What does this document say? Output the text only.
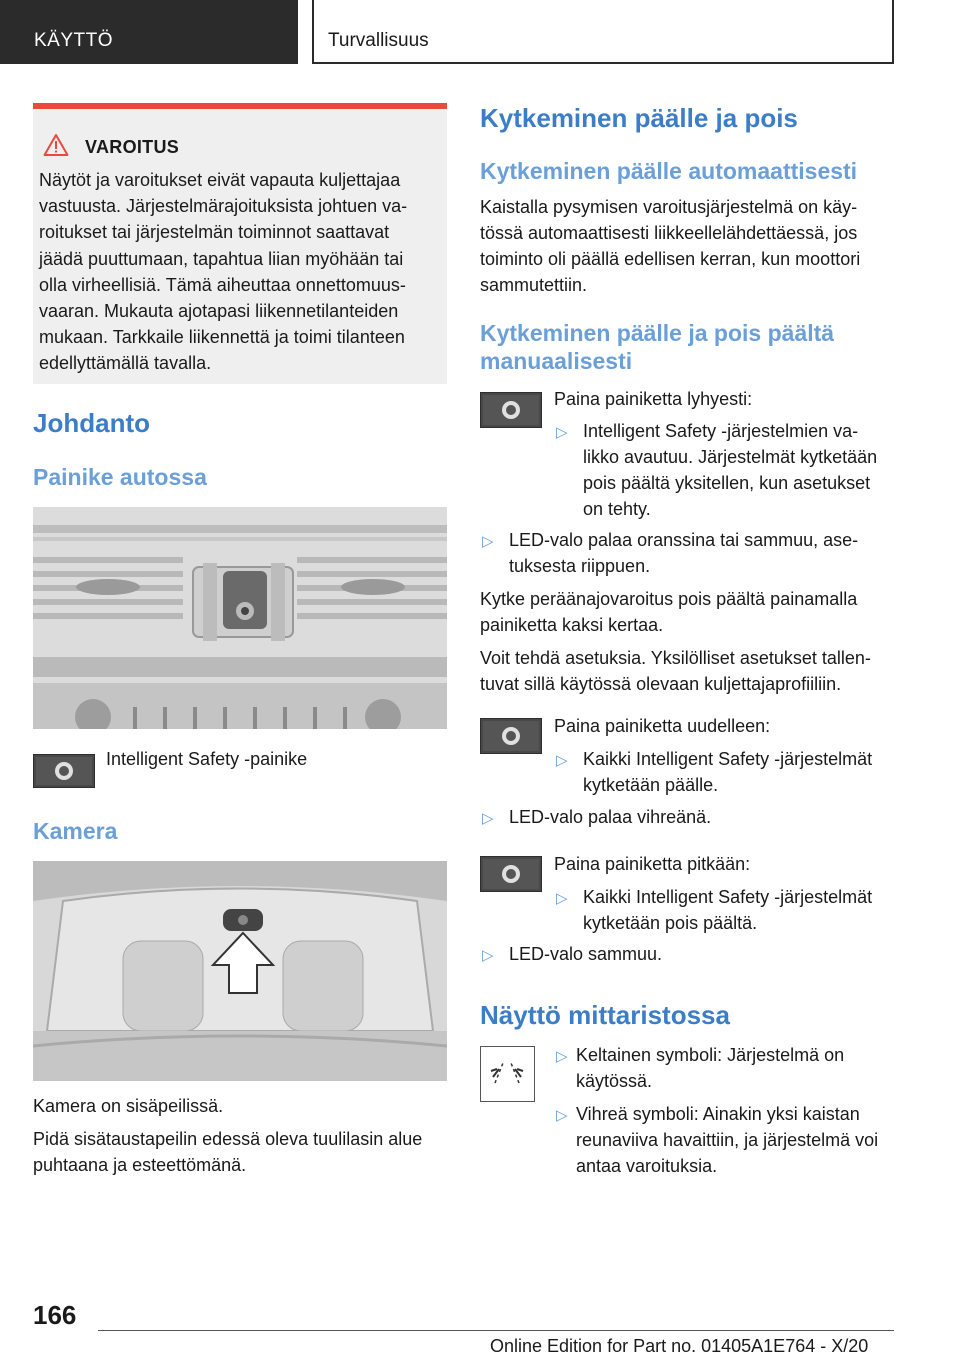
KÄYTTÖ	Turvallisuus
VAROITUS
Näytöt ja varoitukset eivät vapauta kuljettajaa
vastuusta. Järjestelmärajoituksista johtuen va-
roitukset tai järjestelmän toiminnot saattavat
jäädä puuttumaan, tapahtua liian myöhään tai
olla virheellisiä. Tämä aiheuttaa onnettomuus-
vaaran. Mukauta ajotapasi liikennetilanteiden
mukaan. Tarkkaile liikennettä ja toimi tilanteen
edellyttämällä tavalla.
Johdanto
Painike autossa
Intelligent Safety -painike
Kamera
Kamera on sisäpeilissä.
Pidä sisätaustapeilin edessä oleva tuulilasin alue
puhtaana ja esteettömänä.
Kytkeminen päälle ja pois
Kytkeminen päälle automaattisesti
Kaistalla pysymisen varoitusjärjestelmä on käy-
tössä automaattisesti liikkeellelähdettäessä, jos
toiminto oli päällä edellisen kerran, kun moottori
sammutettiin.
Kytkeminen päälle ja pois päältä
manuaalisesti
Paina painiketta lyhyesti:
▷ Intelligent Safety -järjestelmien va-
likko avautuu. Järjestelmät kytketään
pois päältä yksitellen, kun asetukset
on tehty.
▷ LED-valo palaa oranssina tai sammuu, ase-
tuksesta riippuen.
Kytke peräänajovaroitus pois päältä painamalla
painiketta kaksi kertaa.
Voit tehdä asetuksia. Yksilölliset asetukset tallen-
tuvat sillä käytössä olevaan kuljettajaprofiiliin.
Paina painiketta uudelleen:
▷ Kaikki Intelligent Safety -järjestelmät
kytketään päälle.
▷ LED-valo palaa vihreänä.
Paina painiketta pitkään:
▷ Kaikki Intelligent Safety -järjestelmät
kytketään pois päältä.
▷ LED-valo sammuu.
Näyttö mittaristossa
▷ Keltainen symboli: Järjestelmä on
käytössä.
▷ Vihreä symboli: Ainakin yksi kaistan
reunaviiva havaittiin, ja järjestelmä voi
antaa varoituksia.
166
Online Edition for Part no. 01405A1E764 - X/20
